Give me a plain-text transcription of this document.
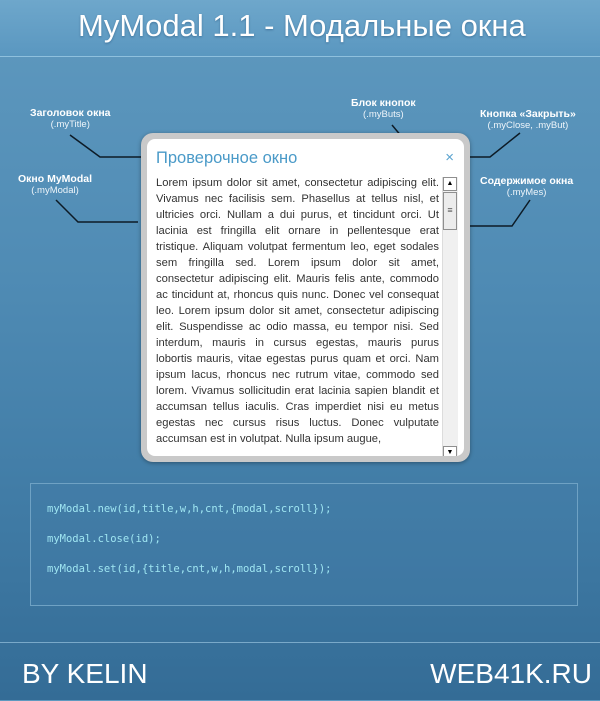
MyModal 1.1 - Модальные окна
Заголовок окна
(.myTitle)
Окно MyModal
(.myModal)
Блок кнопок
(.myButs)	Кнопка «Закрыть»
(.myClose, .myBut)
Содержимое окна
(.myMes)
Проверочное окно	×
Lorem ipsum dolor sit amet, consectetur adipiscing elit. Vivamus nec facilisis sem. Phasellus at tellus nisl, et ultricies orci. Nullam a dui purus, et tincidunt orci. Ut lacinia est fringilla elit ornare in pellentesque erat tristique. Aliquam volutpat fermentum leo, eget sodales sem fringilla sed. Lorem ipsum dolor sit amet, consectetur adipiscing elit. Mauris felis ante, commodo ac tincidunt at, rhoncus quis nunc. Donec vel consequat leo. Lorem ipsum dolor sit amet, consectetur adipiscing elit. Suspendisse ac odio massa, eu tempor nisi. Sed interdum, mauris in cursus egestas, mauris purus lobortis mauris, vitae egestas purus quam et orci. Nam ipsum lacus, rhoncus nec rutrum vitae, commodo sed lorem. Vivamus sollicitudin erat lacinia sapien blandit et accumsan tellus iaculis. Cras imperdiet nisi eu metus egestas nec cursus risus luctus. Donec vulputate accumsan est in volutpat. Nulla ipsum augue,
▲
≡
▼

myModal.new(id,title,w,h,cnt,{modal,scroll});

myModal.close(id);

myModal.set(id,{title,cnt,w,h,modal,scroll});

BY KELIN	WEB41K.RU
